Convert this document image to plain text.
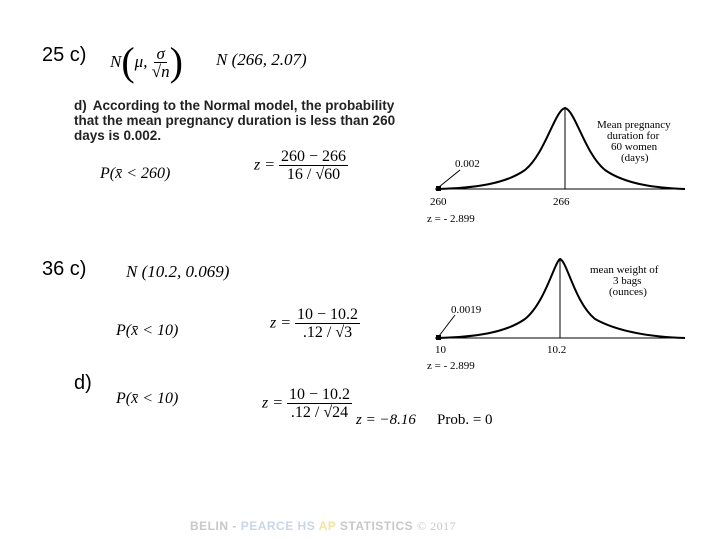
25 c) N(μ, $\frac{\sigma}{√n}$ ) N (266, 2.07)
d) According to the Normal model, the probability that the mean pregnancy duration is less than 260 days is 0.002.
P(x̄ < 260)	$z = \frac{260 - 266}{16 / √60}$	0.002
260	266
z = - 2.899
Mean pregnancy
duration for
60 women
(days)
36 c) N (10.2, 0.069)
P(x̄ < 10)	$z = \frac{10 - 10.2}{.12 / √3}$	0.0019
10	10.2
z = - 2.899
mean weight of
3 bags
(ounces)
d)
P(x̄ < 10)	$z = \frac{10 - 10.2}{.12 / √24}$ z = −8.16 Prob. = 0
BELIN - PEARCE HS AP STATISTICS © 2017
